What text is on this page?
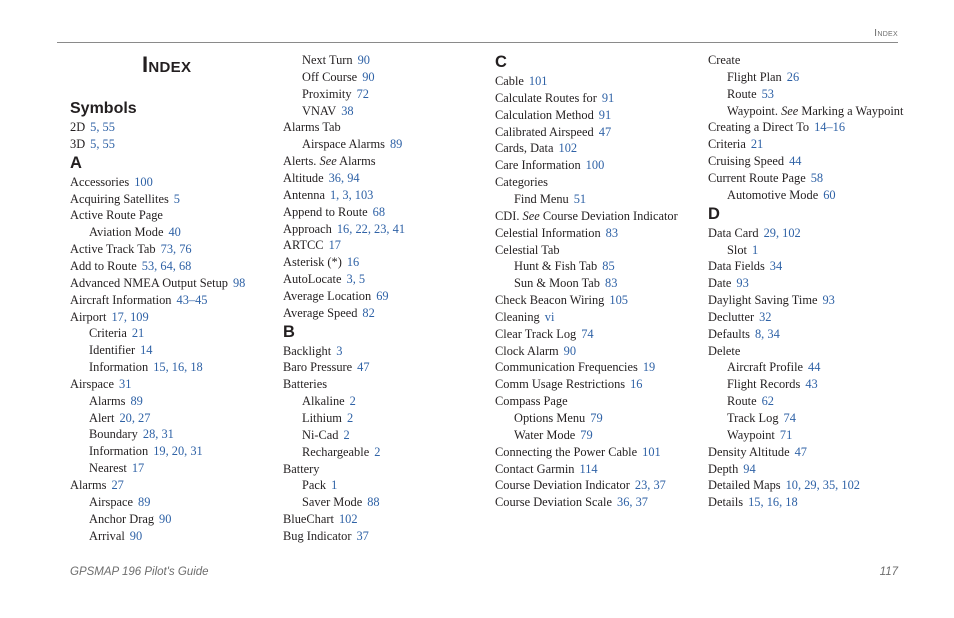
Index
Index
Symbols
2D 5, 55
3D 5, 55
A
Accessories 100
Acquiring Satellites 5
Active Route Page
Aviation Mode 40
Active Track Tab 73, 76
Add to Route 53, 64, 68
Advanced NMEA Output Setup 98
Aircraft Information 43–45
Airport 17, 109
Criteria 21
Identifier 14
Information 15, 16, 18
Airspace 31
Alarms 89
Alert 20, 27
Boundary 28, 31
Information 19, 20, 31
Nearest 17
Alarms 27
Airspace 89
Anchor Drag 90
Arrival 90
Next Turn 90
Off Course 90
Proximity 72
VNAV 38
Alarms Tab
Airspace Alarms 89
Alerts. See Alarms
Altitude 36, 94
Antenna 1, 3, 103
Append to Route 68
Approach 16, 22, 23, 41
ARTCC 17
Asterisk (*) 16
AutoLocate 3, 5
Average Location 69
Average Speed 82
B
Backlight 3
Baro Pressure 47
Batteries
Alkaline 2
Lithium 2
Ni-Cad 2
Rechargeable 2
Battery
Pack 1
Saver Mode 88
BlueChart 102
Bug Indicator 37
C
Cable 101
Calculate Routes for 91
Calculation Method 91
Calibrated Airspeed 47
Cards, Data 102
Care Information 100
Categories
Find Menu 51
CDI. See Course Deviation Indicator
Celestial Information 83
Celestial Tab
Hunt & Fish Tab 85
Sun & Moon Tab 83
Check Beacon Wiring 105
Cleaning vi
Clear Track Log 74
Clock Alarm 90
Communication Frequencies 19
Comm Usage Restrictions 16
Compass Page
Options Menu 79
Water Mode 79
Connecting the Power Cable 101
Contact Garmin 114
Course Deviation Indicator 23, 37
Course Deviation Scale 36, 37
Create
Flight Plan 26
Route 53
Waypoint. See Marking a Waypoint
Creating a Direct To 14–16
Criteria 21
Cruising Speed 44
Current Route Page 58
Automotive Mode 60
D
Data Card 29, 102
Slot 1
Data Fields 34
Date 93
Daylight Saving Time 93
Declutter 32
Defaults 8, 34
Delete
Aircraft Profile 44
Flight Records 43
Route 62
Track Log 74
Waypoint 71
Density Altitude 47
Depth 94
Detailed Maps 10, 29, 35, 102
Details 15, 16, 18
GPSMAP 196 Pilot's Guide	117
